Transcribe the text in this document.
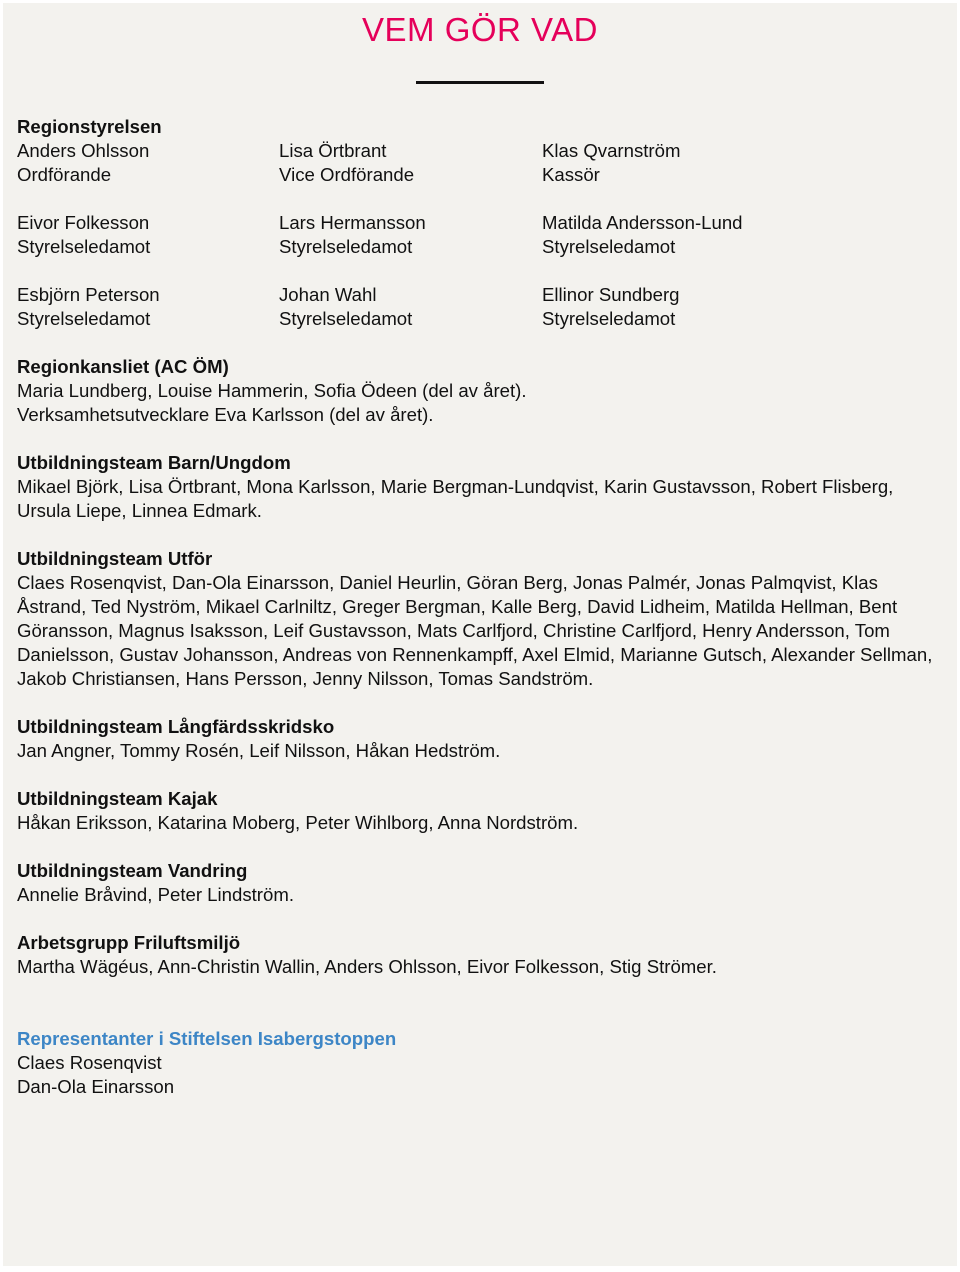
VEM GÖR VAD

Regionstyrelsen

Anders Ohlsson	Lisa Örtbrant	Klas Qvarnström

Ordförande	Vice Ordförande	Kassör

Eivor Folkesson	Lars Hermansson	Matilda Andersson-Lund

Styrelseledamot	Styrelseledamot	Styrelseledamot

Esbjörn Peterson	Johan Wahl	Ellinor Sundberg

Styrelseledamot	Styrelseledamot	Styrelseledamot

Regionkansliet (AC ÖM)

Maria Lundberg, Louise Hammerin, Sofia Ödeen (del av året).

Verksamhetsutvecklare Eva Karlsson (del av året).

Utbildningsteam Barn/Ungdom

Mikael Björk, Lisa Örtbrant, Mona Karlsson, Marie Bergman-Lundqvist, Karin Gustavsson, Robert Flisberg, Ursula Liepe, Linnea Edmark.

Utbildningsteam Utför

Claes Rosenqvist, Dan-Ola Einarsson, Daniel Heurlin, Göran Berg, Jonas Palmér, Jonas Palmqvist, Klas Åstrand, Ted Nyström, Mikael Carlniltz, Greger Bergman, Kalle Berg, David Lidheim, Matilda Hellman, Bent Göransson, Magnus Isaksson, Leif Gustavsson, Mats Carlfjord, Christine Carlfjord, Henry Andersson, Tom Danielsson, Gustav Johansson, Andreas von Rennenkampff, Axel Elmid, Marianne Gutsch, Alexander Sellman, Jakob Christiansen, Hans Persson, Jenny Nilsson, Tomas Sandström.

Utbildningsteam Långfärdsskridsko

Jan Angner, Tommy Rosén, Leif Nilsson, Håkan Hedström.

Utbildningsteam Kajak

Håkan Eriksson, Katarina Moberg, Peter Wihlborg, Anna Nordström.

Utbildningsteam Vandring

Annelie Bråvind, Peter Lindström.

Arbetsgrupp Friluftsmiljö

Martha Wägéus, Ann-Christin Wallin, Anders Ohlsson, Eivor Folkesson, Stig Strömer.

Representanter i Stiftelsen Isabergstoppen

Claes Rosenqvist

Dan-Ola Einarsson
